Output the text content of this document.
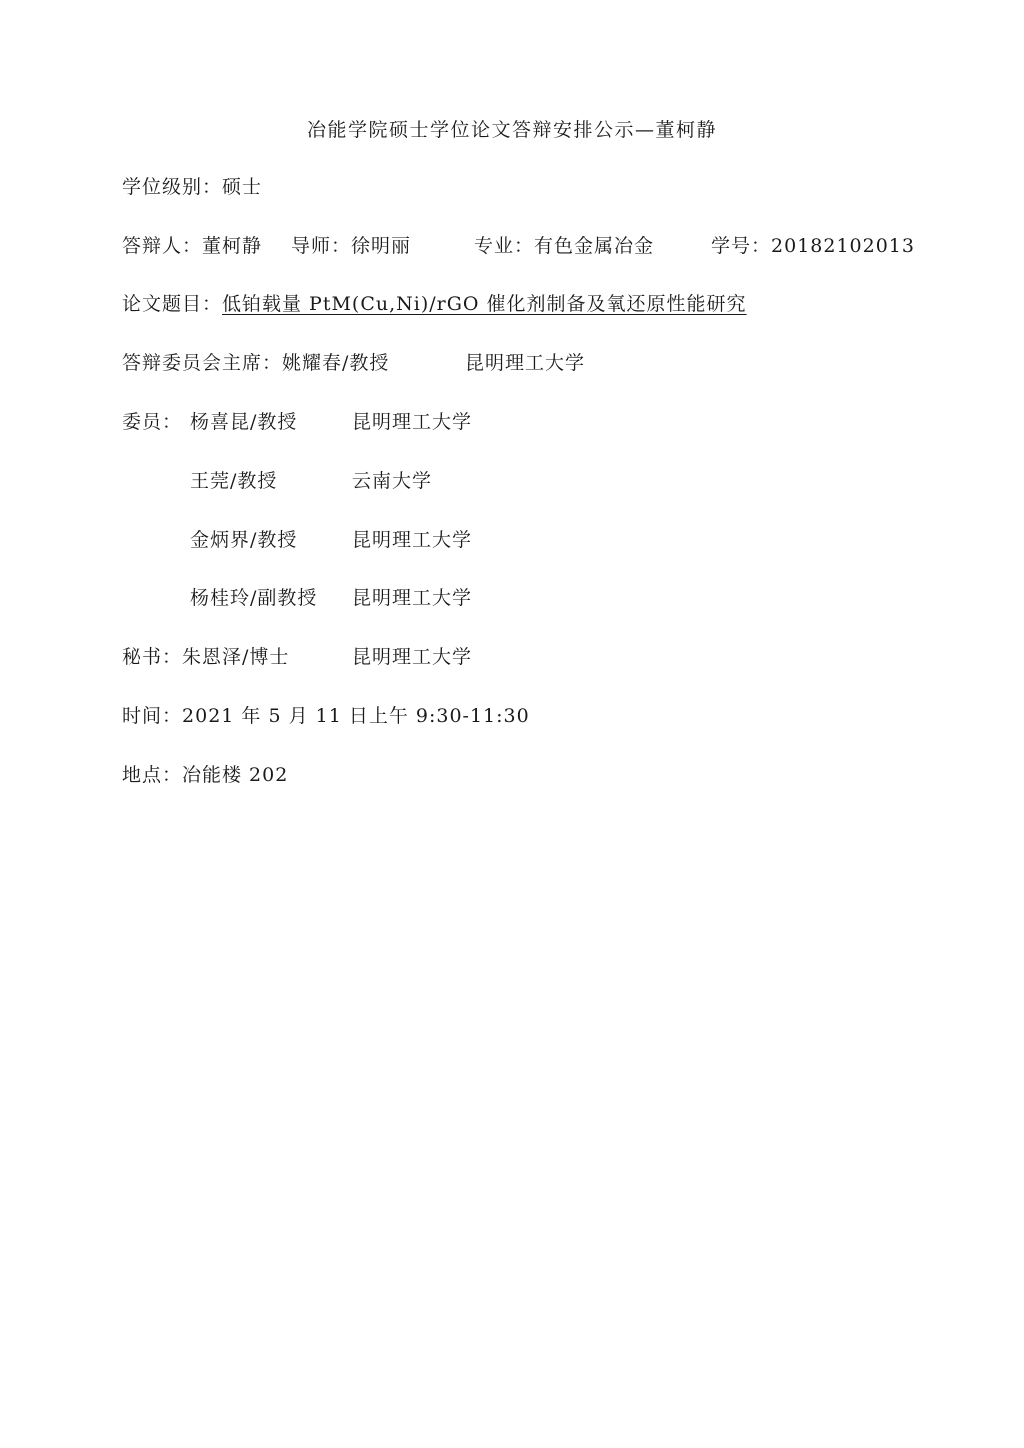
冶能学院硕士学位论文答辩安排公示—董柯静
学位级别：硕士
答辩人：董柯静 导师：徐明丽	专业：有色金属冶金	学号：20182102013
论文题目：低铂载量 PtM(Cu,Ni)/rGO 催化剂制备及氧还原性能研究
答辩委员会主席：姚耀春/教授	昆明理工大学
委员： 杨喜昆/教授	昆明理工大学
王莞/教授	云南大学
金炳界/教授	昆明理工大学
杨桂玲/副教授 昆明理工大学
秘书：朱恩泽/博士	昆明理工大学
时间：2021 年 5 月 11 日上午 9:30-11:30
地点：冶能楼 202
